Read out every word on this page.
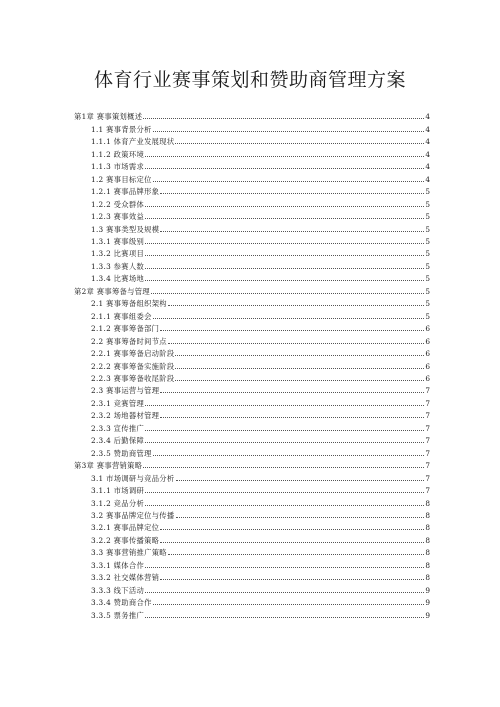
体育行业赛事策划和赞助商管理方案
第1章 赛事策划概述	4
1.1 赛事背景分析	4
1.1.1 体育产业发展现状	4
1.1.2 政策环境	4
1.1.3 市场需求	4
1.2 赛事目标定位	4
1.2.1 赛事品牌形象	5
1.2.2 受众群体	5
1.2.3 赛事效益	5
1.3 赛事类型及规模	5
1.3.1 赛事级别	5
1.3.2 比赛项目	5
1.3.3 参赛人数	5
1.3.4 比赛场地	5
第2章 赛事筹备与管理	5
2.1 赛事筹备组织架构	5
2.1.1 赛事组委会	5
2.1.2 赛事筹备部门	6
2.2 赛事筹备时间节点	6
2.2.1 赛事筹备启动阶段	6
2.2.2 赛事筹备实施阶段	6
2.2.3 赛事筹备收尾阶段	6
2.3 赛事运营与管理	7
2.3.1 竞赛管理	7
2.3.2 场地器材管理	7
2.3.3 宣传推广	7
2.3.4 后勤保障	7
2.3.5 赞助商管理	7
第3章 赛事营销策略	7
3.1 市场调研与竞品分析	7
3.1.1 市场调研	7
3.1.2 竞品分析	8
3.2 赛事品牌定位与传播	8
3.2.1 赛事品牌定位	8
3.2.2 赛事传播策略	8
3.3 赛事营销推广策略	8
3.3.1 媒体合作	8
3.3.2 社交媒体营销	8
3.3.3 线下活动	9
3.3.4 赞助商合作	9
3.3.5 票务推广	9
